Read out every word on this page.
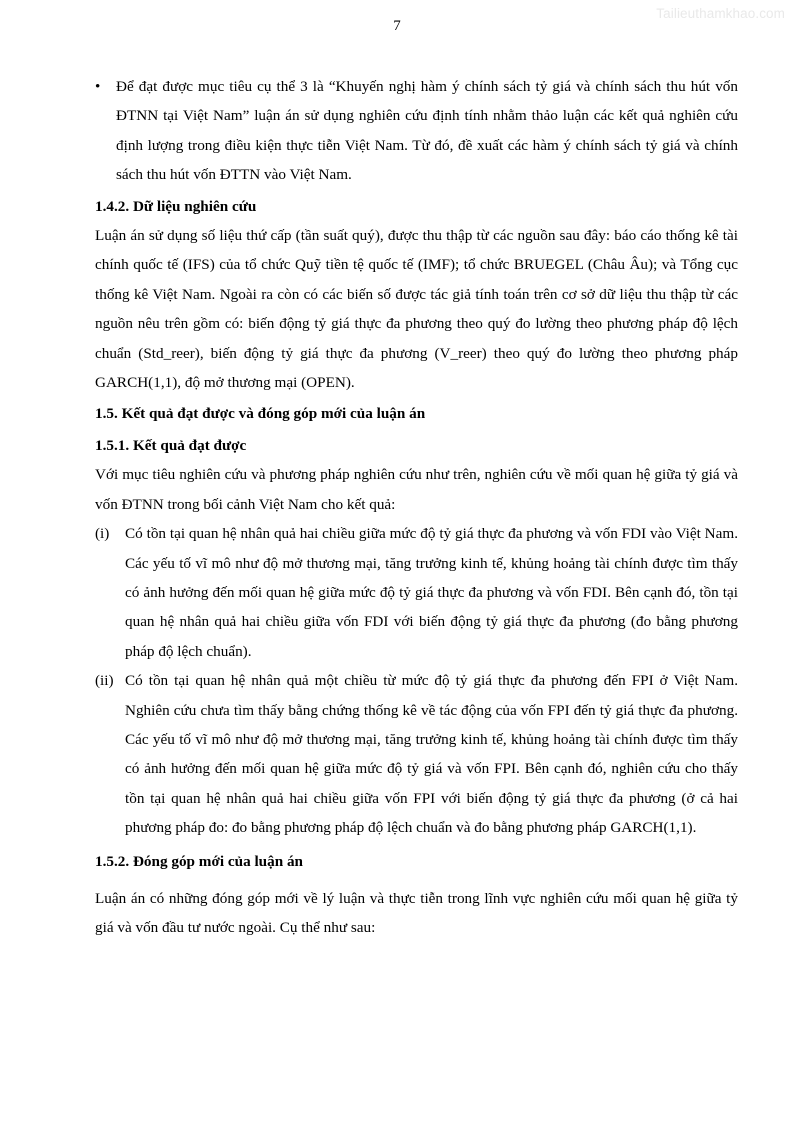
Tailieuthamkhao.com
7
•	Để đạt được mục tiêu cụ thể 3 là “Khuyến nghị hàm ý chính sách tỷ giá và chính sách thu hút vốn ĐTNN tại Việt Nam” luận án sử dụng nghiên cứu định tính nhằm thảo luận các kết quả nghiên cứu định lượng trong điều kiện thực tiễn Việt Nam. Từ đó, đề xuất các hàm ý chính sách tỷ giá và chính sách thu hút vốn ĐTTN vào Việt Nam.

1.4.2. Dữ liệu nghiên cứu

Luận án sử dụng số liệu thứ cấp (tần suất quý), được thu thập từ các nguồn sau đây: báo cáo thống kê tài chính quốc tế (IFS) của tổ chức Quỹ tiền tệ quốc tế (IMF); tổ chức BRUEGEL (Châu Âu); và Tổng cục thống kê Việt Nam. Ngoài ra còn có các biến số được tác giả tính toán trên cơ sở dữ liệu thu thập từ các nguồn nêu trên gồm có: biến động tỷ giá thực đa phương theo quý đo lường theo phương pháp độ lệch chuẩn (Std_reer), biến động tỷ giá thực đa phương (V_reer) theo quý đo lường theo phương pháp GARCH(1,1), độ mở thương mại (OPEN).

1.5. Kết quả đạt được và đóng góp mới của luận án
1.5.1. Kết quả đạt được

Với mục tiêu nghiên cứu và phương pháp nghiên cứu như trên, nghiên cứu về mối quan hệ giữa tỷ giá và vốn ĐTNN trong bối cảnh Việt Nam cho kết quả:

(i) Có tồn tại quan hệ nhân quả hai chiều giữa mức độ tỷ giá thực đa phương và vốn FDI vào Việt Nam. Các yếu tố vĩ mô như độ mở thương mại, tăng trưởng kinh tế, khủng hoảng tài chính được tìm thấy có ảnh hưởng đến mối quan hệ giữa mức độ tỷ giá thực đa phương và vốn FDI. Bên cạnh đó, tồn tại quan hệ nhân quả hai chiều giữa vốn FDI với biến động tỷ giá thực đa phương (đo bằng phương pháp độ lệch chuẩn).

(ii) Có tồn tại quan hệ nhân quả một chiều từ mức độ tỷ giá thực đa phương đến FPI ở Việt Nam. Nghiên cứu chưa tìm thấy bằng chứng thống kê về tác động của vốn FPI đến tỷ giá thực đa phương. Các yếu tố vĩ mô như độ mở thương mại, tăng trưởng kinh tế, khủng hoảng tài chính được tìm thấy có ảnh hưởng đến mối quan hệ giữa mức độ tỷ giá và vốn FPI. Bên cạnh đó, nghiên cứu cho thấy tồn tại quan hệ nhân quả hai chiều giữa vốn FPI với biến động tỷ giá thực đa phương (ở cả hai phương pháp đo: đo bằng phương pháp độ lệch chuẩn và đo bằng phương pháp GARCH(1,1).

1.5.2. Đóng góp mới của luận án

Luận án có những đóng góp mới về lý luận và thực tiễn trong lĩnh vực nghiên cứu mối quan hệ giữa tỷ giá và vốn đầu tư nước ngoài. Cụ thể như sau:
